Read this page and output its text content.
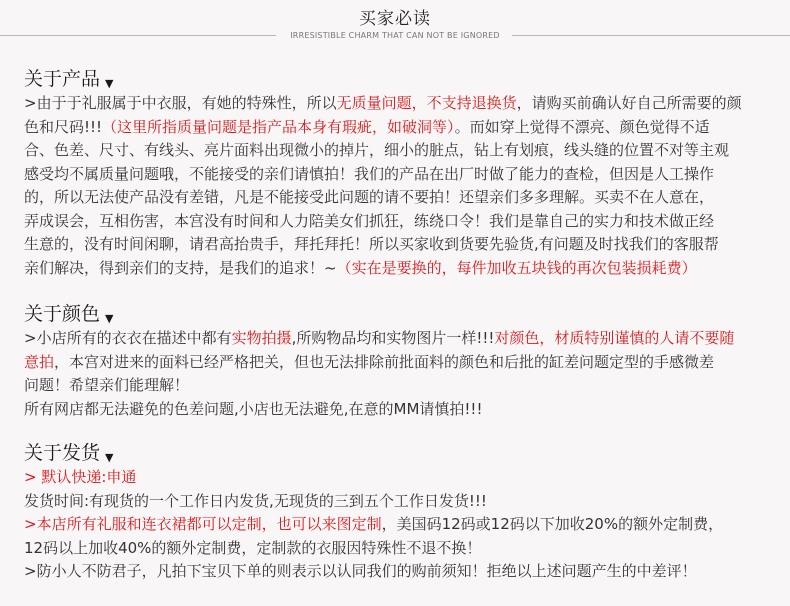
买家必读
IRRESISTIBLE CHARM THAT CAN NOT BE IGNORED
关于产品 ▼
>由于于礼服属于中衣服，有她的特殊性，所以无质量问题，不支持退换货，请购买前确认好自己所需要的颜
色和尺码!!!（这里所指质量问题是指产品本身有瑕疵，如破洞等）。而如穿上觉得不漂亮、颜色觉得不适
合、色差、尺寸、有线头、亮片面料出现微小的掉片，细小的脏点，钻上有划痕，线头缝的位置不对等主观
感受均不属质量问题哦，不能接受的亲们请慎拍！我们的产品在出厂时做了能力的查检，但因是人工操作
的，所以无法使产品没有差错，凡是不能接受此问题的请不要拍！还望亲们多多理解。买卖不在人意在，
弄成误会，互相伤害，本宫没有时间和人力陪美女们抓狂，练绕口令！我们是靠自己的实力和技术做正经
生意的，没有时间闲聊，请君高抬贵手，拜托拜托！所以买家收到货要先验货,有问题及时找我们的客服帮
亲们解决，得到亲们的支持，是我们的追求！~（实在是要换的，每件加收五块钱的再次包装损耗费）
关于颜色 ▼
>小店所有的衣衣在描述中都有实物拍摄,所购物品均和实物图片一样!!!对颜色，材质特别谨慎的人请不要随
意拍，本宫对进来的面料已经严格把关，但也无法排除前批面料的颜色和后批的缸差问题定型的手感微差
问题！希望亲们能理解！
所有网店都无法避免的色差问题,小店也无法避免,在意的MM请慎拍!!!
关于发货 ▼
> 默认快递:申通
发货时间:有现货的一个工作日内发货,无现货的三到五个工作日发货!!!
>本店所有礼服和连衣裙都可以定制，也可以来图定制，美国码12码或12码以下加收20%的额外定制费，
12码以上加收40%的额外定制费，定制款的衣服因特殊性不退不换！
>防小人不防君子，凡拍下宝贝下单的则表示以认同我们的购前须知！拒绝以上述问题产生的中差评！
